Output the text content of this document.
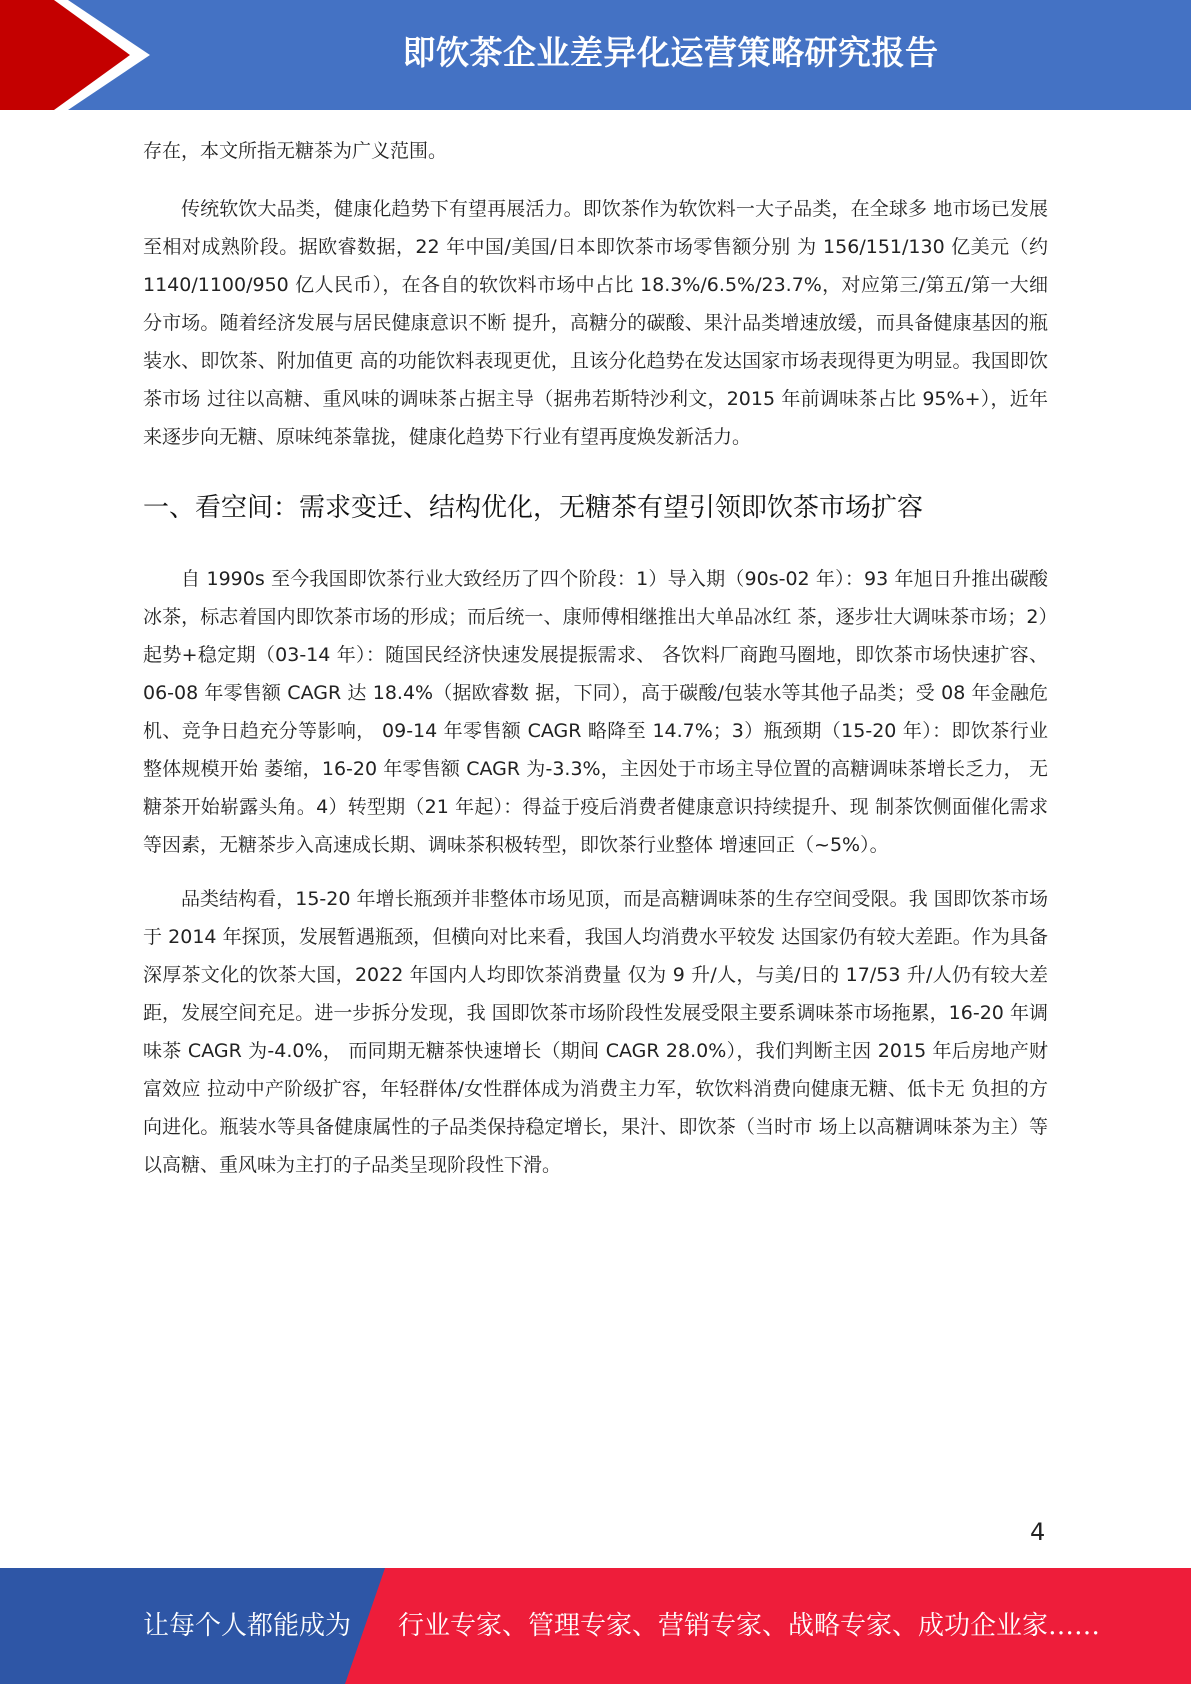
即饮茶企业差异化运营策略研究报告

存在，本文所指无糖茶为广义范围。

传统软饮大品类，健康化趋势下有望再展活力。即饮茶作为软饮料一大子品类，在全球多 地市场已发展至相对成熟阶段。据欧睿数据，22 年中国/美国/日本即饮茶市场零售额分别 为 156/151/130 亿美元（约 1140/1100/950 亿人民币），在各自的软饮料市场中占比 18.3%/6.5%/23.7%，对应第三/第五/第一大细分市场。随着经济发展与居民健康意识不断 提升，高糖分的碳酸、果汁品类增速放缓，而具备健康基因的瓶装水、即饮茶、附加值更 高的功能饮料表现更优，且该分化趋势在发达国家市场表现得更为明显。我国即饮茶市场 过往以高糖、重风味的调味茶占据主导（据弗若斯特沙利文，2015 年前调味茶占比 95%+），近年来逐步向无糖、原味纯茶靠拢，健康化趋势下行业有望再度焕发新活力。

一、看空间：需求变迁、结构优化，无糖茶有望引领即饮茶市场扩容

自 1990s 至今我国即饮茶行业大致经历了四个阶段：1）导入期（90s-02 年）：93 年旭日升推出碳酸冰茶，标志着国内即饮茶市场的形成；而后统一、康师傅相继推出大单品冰红 茶，逐步壮大调味茶市场；2）起势+稳定期（03-14 年）：随国民经济快速发展提振需求、 各饮料厂商跑马圈地，即饮茶市场快速扩容、06-08 年零售额 CAGR 达 18.4%（据欧睿数 据，下同），高于碳酸/包装水等其他子品类；受 08 年金融危机、竞争日趋充分等影响， 09-14 年零售额 CAGR 略降至 14.7%；3）瓶颈期（15-20 年）：即饮茶行业整体规模开始 萎缩，16-20 年零售额 CAGR 为-3.3%，主因处于市场主导位置的高糖调味茶增长乏力， 无糖茶开始崭露头角。4）转型期（21 年起）：得益于疫后消费者健康意识持续提升、现 制茶饮侧面催化需求等因素，无糖茶步入高速成长期、调味茶积极转型，即饮茶行业整体 增速回正（~5%）。

品类结构看，15-20 年增长瓶颈并非整体市场见顶，而是高糖调味茶的生存空间受限。我 国即饮茶市场于 2014 年探顶，发展暂遇瓶颈，但横向对比来看，我国人均消费水平较发 达国家仍有较大差距。作为具备深厚茶文化的饮茶大国，2022 年国内人均即饮茶消费量 仅为 9 升/人，与美/日的 17/53 升/人仍有较大差距，发展空间充足。进一步拆分发现，我 国即饮茶市场阶段性发展受限主要系调味茶市场拖累，16-20 年调味茶 CAGR 为-4.0%， 而同期无糖茶快速增长（期间 CAGR 28.0%），我们判断主因 2015 年后房地产财富效应 拉动中产阶级扩容，年轻群体/女性群体成为消费主力军，软饮料消费向健康无糖、低卡无 负担的方向进化。瓶装水等具备健康属性的子品类保持稳定增长，果汁、即饮茶（当时市 场上以高糖调味茶为主）等以高糖、重风味为主打的子品类呈现阶段性下滑。

4
让每个人都能成为 行业专家、管理专家、营销专家、战略专家、成功企业家……
